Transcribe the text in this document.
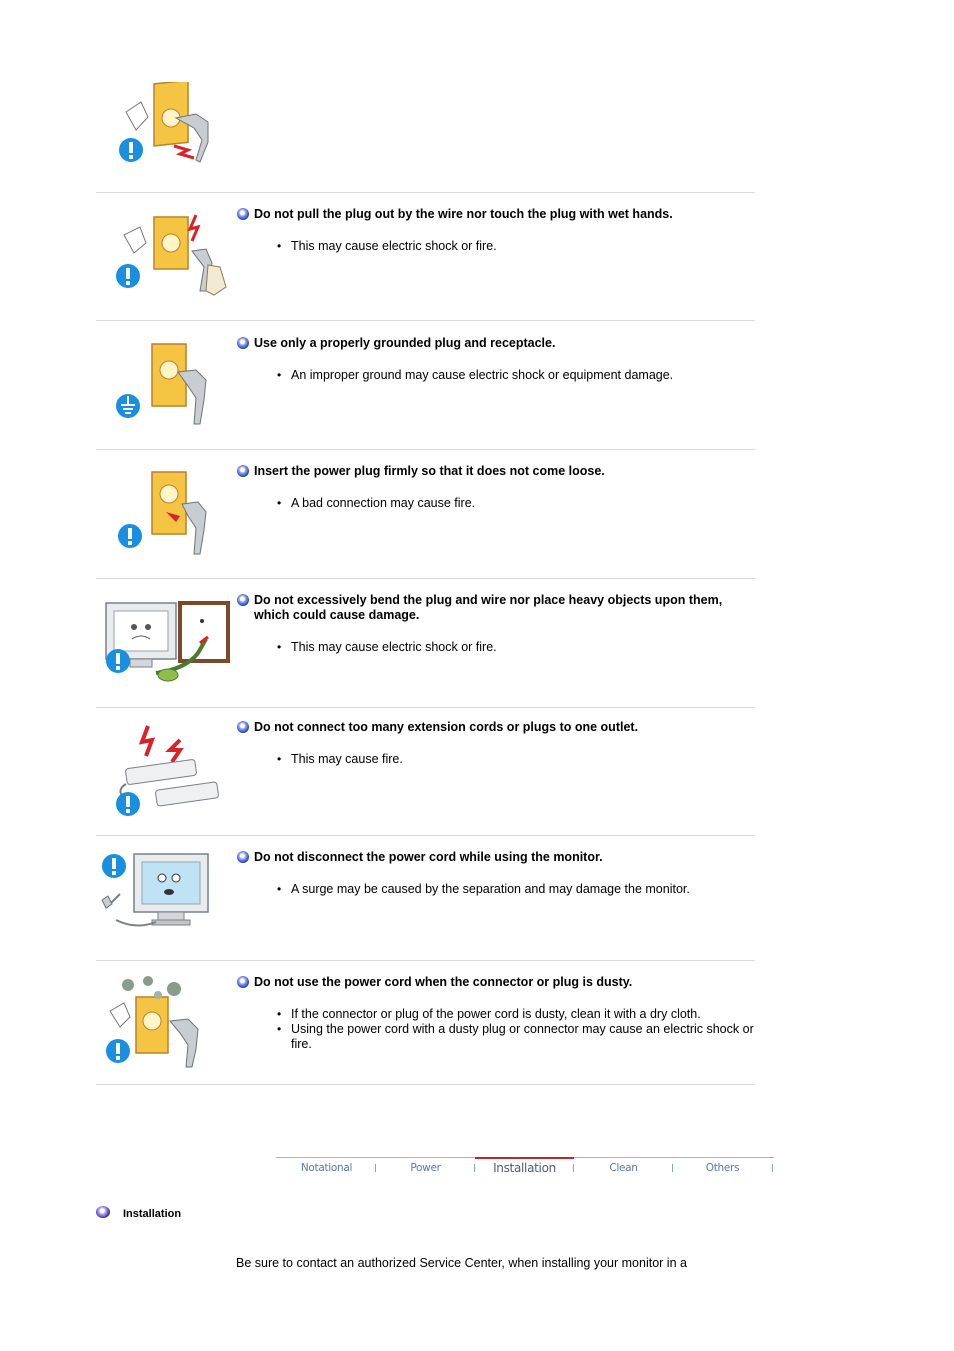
Do not pull the plug out by the wire nor touch the plug with wet hands.
• This may cause electric shock or fire.
Use only a properly grounded plug and receptacle.
• An improper ground may cause electric shock or equipment damage.
Insert the power plug firmly so that it does not come loose.
• A bad connection may cause fire.
Do not excessively bend the plug and wire nor place heavy objects upon them, which could cause damage.
• This may cause electric shock or fire.
Do not connect too many extension cords or plugs to one outlet.
• This may cause fire.
Do not disconnect the power cord while using the monitor.
• A surge may be caused by the separation and may damage the monitor.
Do not use the power cord when the connector or plug is dusty.
• If the connector or plug of the power cord is dusty, clean it with a dry cloth.
• Using the power cord with a dusty plug or connector may cause an electric shock or fire.
Notational	Power	Installation	Clean	Others
Installation
Be sure to contact an authorized Service Center, when installing your monitor in a
